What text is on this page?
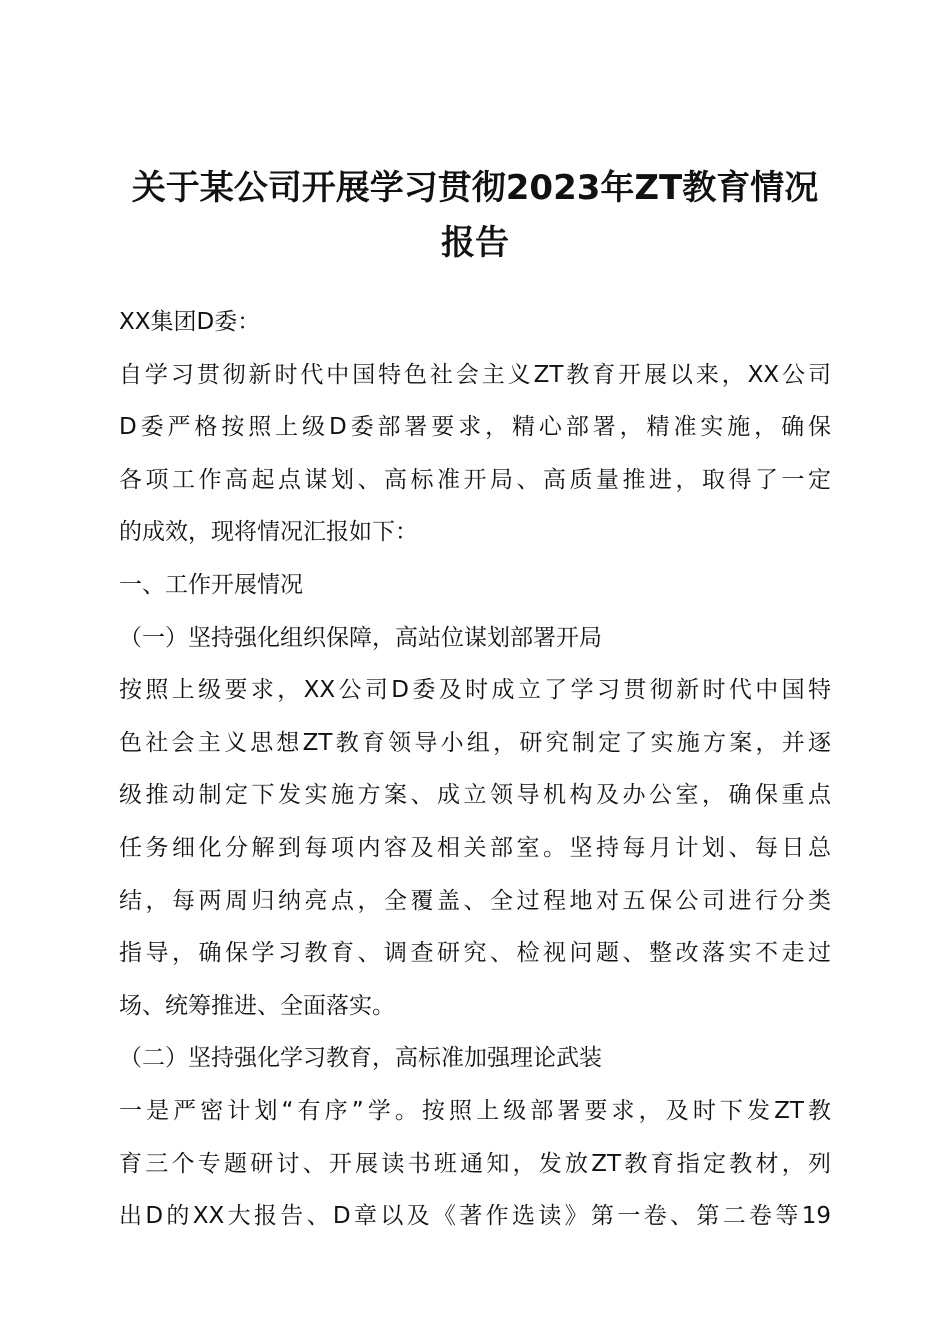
关于某公司开展学习贯彻2023年ZT教育情况
报告
XX集团D委：
自学习贯彻新时代中国特色社会主义ZT教育开展以来，XX公司
D委严格按照上级D委部署要求，精心部署，精准实施，确保
各项工作高起点谋划、高标准开局、高质量推进，取得了一定
的成效，现将情况汇报如下：
一、工作开展情况
（一）坚持强化组织保障，高站位谋划部署开局
按照上级要求，XX公司D委及时成立了学习贯彻新时代中国特
色社会主义思想ZT教育领导小组，研究制定了实施方案，并逐
级推动制定下发实施方案、成立领导机构及办公室，确保重点
任务细化分解到每项内容及相关部室。坚持每月计划、每日总
结，每两周归纳亮点，全覆盖、全过程地对五保公司进行分类
指导，确保学习教育、调查研究、检视问题、整改落实不走过
场、统筹推进、全面落实。
（二）坚持强化学习教育，高标准加强理论武装
一是严密计划“有序”学。按照上级部署要求，及时下发ZT教
育三个专题研讨、开展读书班通知，发放ZT教育指定教材，列
出D的XX大报告、D章以及《著作选读》第一卷、第二卷等19
